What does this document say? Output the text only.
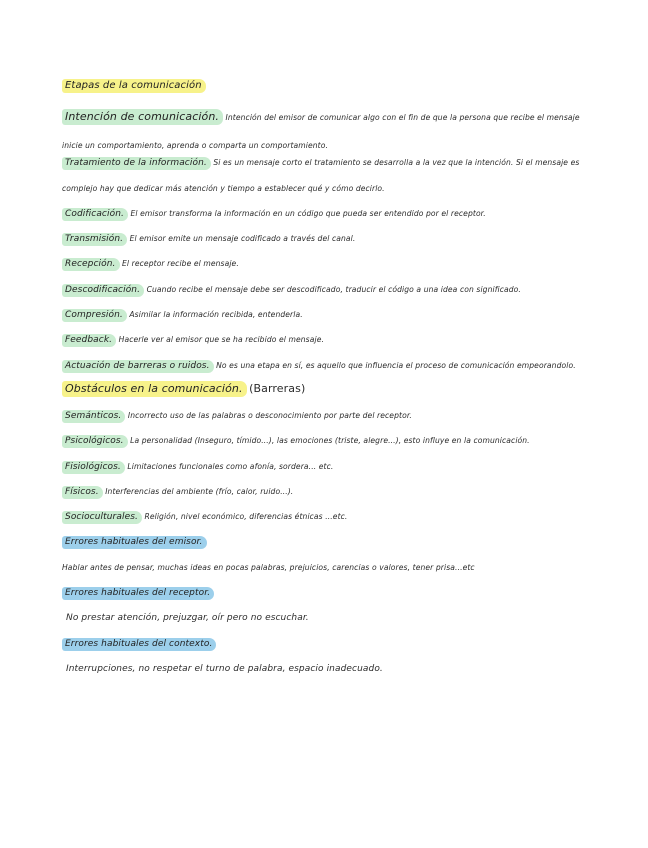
Etapas de la comunicación
Intención de comunicación. Intención del emisor de comunicar algo con el fin de que la persona que recibe el mensaje inicie un comportamiento, aprenda o comparta un comportamiento.
Tratamiento de la información. Si es un mensaje corto el tratamiento se desarrolla a la vez que la intención. Si el mensaje es complejo hay que dedicar más atención y tiempo a establecer qué y cómo decirlo.
Codificación. El emisor transforma la información en un código que pueda ser entendido por el receptor.
Transmisión. El emisor emite un mensaje codificado a través del canal.
Recepción. El receptor recibe el mensaje.
Descodificación. Cuando recibe el mensaje debe ser descodificado, traducir el código a una idea con significado.
Compresión. Asimilar la información recibida, entenderla.
Feedback. Hacerle ver al emisor que se ha recibido el mensaje.
Actuación de barreras o ruidos. No es una etapa en sí, es aquello que influencia el proceso de comunicación empeorandolo.
Obstáculos en la comunicación. (Barreras)
Semánticos. Incorrecto uso de las palabras o desconocimiento por parte del receptor.
Psicológicos. La personalidad (Inseguro, tímido...), las emociones (triste, alegre...), esto influye en la comunicación.
Fisiológicos. Limitaciones funcionales como afonía, sordera... etc.
Físicos. Interferencias del ambiente (frío, calor, ruido...).
Socioculturales. Religión, nivel económico, diferencias étnicas ...etc.
Errores habituales del emisor.
Hablar antes de pensar, muchas ideas en pocas palabras, prejuicios, carencias o valores, tener prisa...etc
Errores habituales del receptor.
No prestar atención, prejuzgar, oír pero no escuchar.
Errores habituales del contexto.
Interrupciones, no respetar el turno de palabra, espacio inadecuado.
